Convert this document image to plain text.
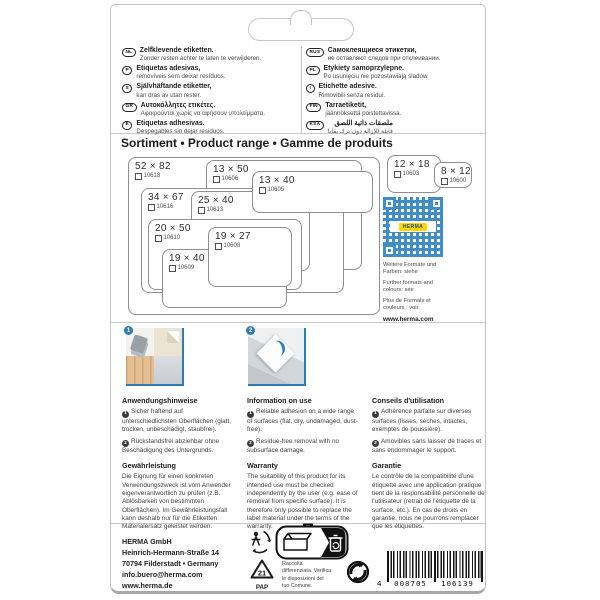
NL	Zelfklevende etiketten.
Zonder resten achter te laten te verwijderen.
P	Etiquetas adesivas,
removíveis sem deixar resíduos.
S	Självhäftande etiketter,
kan dras av utan rester.
GR	Αυτοκόλλητες ετικέτες.
Αφαιρούνται χωρίς να αφήσουν υπολείμματα.
E	Etiquetas adhesivas.
Despegables sin dejar residuos.
RUS	Самоклеящиеся этикетки,
не оставляют следов при отклеивании.
PL	Etykiety samoprzylepne.
Po usunięciu nie pozostawiają śladów.
I	Etichette adesive.
Rimovibili senza residui.
FIN	Tarraetiketit,
jäännöksettä poistettavissa.
KSA	ملصقات ذاتية اللصق
قابلة للإزالة دون ترك بقايا
Sortiment • Product range • Gamme de produits
52 × 82
10618
13 × 50
10606
34 × 67
10616
25 × 40
10613
13 × 40
10605
20 × 50
10610
19 × 40
10609
19 × 27
10608
12 × 18
10603 8 × 12
10600
HERMA

Weitere Formate und Farben: siehe

Further formats and colours: see

Plus de Formats et couleurs : voir

www.herma.com
1	2
Anwendungshinweise
1 Sicher haftend auf unterschiedlichsten Oberflächen (glatt, trocken, unbeschädigt, staubfrei).
2 Rückstandsfrei abziehbar ohne Beschädigung des Untergrunds.
Gewährleistung
Die Eignung für einen konkreten Verwendungszweck ist vom Anwender eigenverantwortlich zu prüfen (z.B. Ablösbarkeit von bestimmten Oberflächen). Im Gewährleistungsfall kann deshalb nur für die Etiketten Materialersatz geleistet werden.
Information on use
1 Reliable adhesion on a wide range of surfaces (flat, dry, undamaged, dust-free).
2 Residue-free removal with no subsurface damage.
Warranty
The suitability of this product for its intended use must be checked independently by the user (e.g. ease of removal from specific surface). It is therefore only possible to replace the label material under the terms of the warranty.
Conseils d'utilisation
1 Adhérence parfaite sur diverses surfaces (lisses, sèches, intactes, exemptes de poussière).
2 Amovibles sans laisser de traces et sans endommager le support.
Garantie
Le contrôle de la compatibilité d'une étiquette avec une application pratique tient de la responsabilité personnelle de l'utilisateur (retrait de l'étiquette de la surface, etc.). En cas de droits en garantie, nous ne pourrons remplacer que les étiquettes.
HERMA GmbH
Heinrich-Hermann-Straße 14
70794 Filderstadt • Germany
info.buero@herma.com
www.herma.de
21
PAP
Raccolta differenziata. Verifica le disposizioni del tuo Comune.	4	008705	106139
